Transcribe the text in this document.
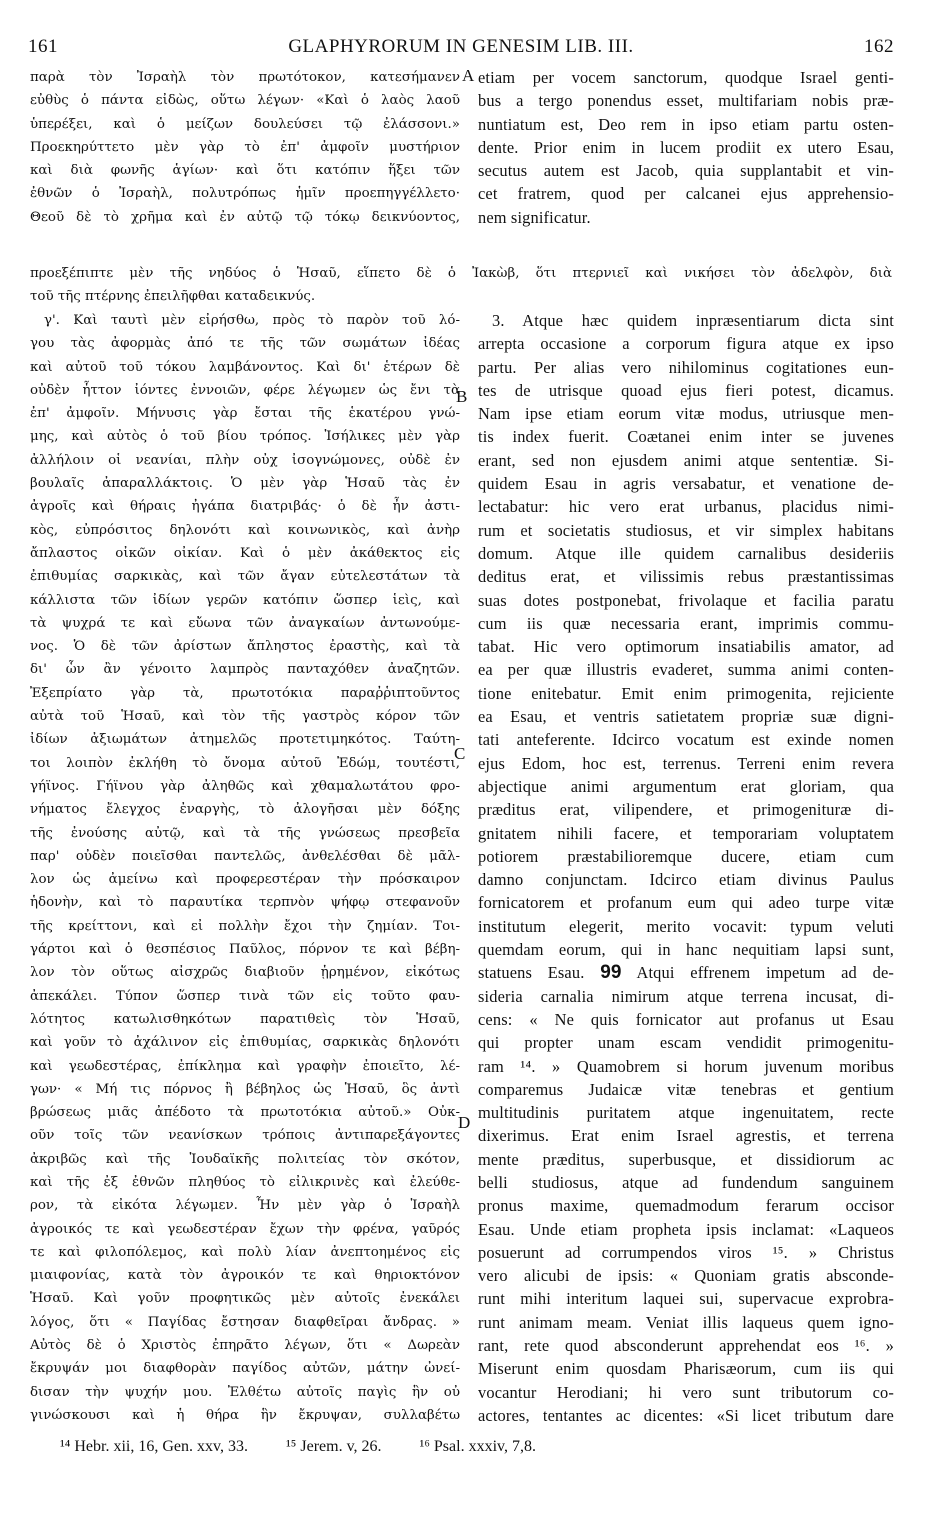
161	GLAPHYRORUM IN GENESIM LIB. III.	162
παρὰ τὸν Ἰσραὴλ τὸν πρωτότοκον, κατεσήμανεν
εὐθὺς ὁ πάντα εἰδὼς, οὕτω λέγων· «Καὶ ὁ λαὸς λαοῦ
ὑπερέξει, καὶ ὁ μείζων δουλεύσει τῷ ἐλάσσονι.»
Προεκηρύττετο μὲν γὰρ τὸ ἐπ' ἀμφοῖν μυστήριον
καὶ διὰ φωνῆς ἁγίων· καὶ ὅτι κατόπιν ἥξει τῶν
ἐθνῶν ὁ Ἰσραὴλ, πολυτρόπως ἡμῖν προεπηγγέλλετο·
Θεοῦ δὲ τὸ χρῆμα καὶ ἐν αὐτῷ τῷ τόκῳ δεικνύοντος,
etiam per vocem sanctorum, quodque Israel genti-
bus a tergo ponendus esset, multifariam nobis præ-
nuntiatum est, Deo rem in ipso etiam partu osten-
dente. Prior enim in lucem prodiit ex utero Esau,
secutus autem est Jacob, quia supplantabit et vin-
cet fratrem, quod per calcanei ejus apprehensio-
nem significatur.
προεξέπιπτε μὲν τῆς νηδύος ὁ Ἡσαῦ, εἵπετο δὲ ὁ Ἰακὼβ, ὅτι πτερνιεῖ καὶ νικήσει τὸν ἀδελφὸν, διὰ
τοῦ τῆς πτέρνης ἐπειλῆφθαι καταδεικνύς.
γ'. Καὶ ταυτὶ μὲν εἰρήσθω, πρὸς τὸ παρὸν τοῦ λό-
γου τὰς ἀφορμὰς ἀπό τε τῆς τῶν σωμάτων ἰδέας
καὶ αὐτοῦ τοῦ τόκου λαμβάνοντος. Καὶ δι' ἑτέρων δὲ
οὐδὲν ἧττον ἰόντες ἐννοιῶν, φέρε λέγωμεν ὡς ἔνι τὰ
ἐπ' ἀμφοῖν. Μήνυσις γὰρ ἔσται τῆς ἑκατέρου γνώ-
μης, καὶ αὐτὸς ὁ τοῦ βίου τρόπος. Ἰσήλικες μὲν γὰρ
ἀλλήλοιν οἱ νεανίαι, πλὴν οὐχ ἰσογνώμονες, οὐδὲ ἐν
βουλαῖς ἀπαραλλάκτοις. Ὁ μὲν γὰρ Ἡσαῦ τὰς ἐν
ἀγροῖς καὶ θήραις ἠγάπα διατριβάς· ὁ δὲ ἦν ἀστι-
κὸς, εὐπρόσιτος δηλονότι καὶ κοινωνικὸς, καὶ ἀνὴρ
ἄπλαστος οἰκῶν οἰκίαν. Καὶ ὁ μὲν ἀκάθεκτος εἰς
ἐπιθυμίας σαρκικὰς, καὶ τῶν ἄγαν εὐτελεστάτων τὰ
κάλλιστα τῶν ἰδίων γερῶν κατόπιν ὥσπερ ἱεὶς, καὶ
τὰ ψυχρά τε καὶ εὔωνα τῶν ἀναγκαίων ἀντωνούμε-
νος. Ὁ δὲ τῶν ἀρίστων ἄπληστος ἐραστὴς, καὶ τὰ
δι' ὧν ἂν γένοιτο λαμπρὸς πανταχόθεν ἀναζητῶν.
Ἐξεπρίατο γὰρ τὰ, πρωτοτόκια παραῤῥιπτοῦντος
αὐτὰ τοῦ Ἡσαῦ, καὶ τὸν τῆς γαστρὸς κόρον τῶν
ἰδίων ἀξιωμάτων ἀτημελῶς προτετιμηκότος. Ταύτη-
τοι λοιπὸν ἐκλήθη τὸ ὄνομα αὐτοῦ Ἐδώμ, τουτέστι,
γήϊνος. Γήϊνου γὰρ ἀληθῶς καὶ χθαμαλωτάτου φρο-
νήματος ἔλεγχος ἐναργὴς, τὸ ἀλογῆσαι μὲν δόξης
τῆς ἐνούσης αὐτῷ, καὶ τὰ τῆς γνώσεως πρεσβεῖα
παρ' οὐδὲν ποιεῖσθαι παντελῶς, ἀνθελέσθαι δὲ μᾶλ-
λον ὡς ἀμείνω καὶ προφερεστέραν τὴν πρόσκαιρον
ἡδονὴν, καὶ τὸ παραυτίκα τερπνὸν ψήφῳ στεφανοῦν
τῆς κρείττονι, καὶ εἰ πολλὴν ἔχοι τὴν ζημίαν. Τοι-
γάρτοι καὶ ὁ θεσπέσιος Παῦλος, πόρνον τε καὶ βέβη-
λον τὸν οὕτως αἰσχρῶς διαβιοῦν ᾑρημένον, εἰκότως
ἀπεκάλει. Τύπον ὥσπερ τινὰ τῶν εἰς τοῦτο φαυ-
λότητος κατωλισθηκότων παρατιθεὶς τὸν Ἡσαῦ,
καὶ γοῦν τὸ ἀχάλινον εἰς ἐπιθυμίας, σαρκικὰς δηλονότι
καὶ γεωδεστέρας, ἐπίκλημα καὶ γραφὴν ἐποιεῖτο, λέ-
γων· « Μή τις πόρνος ἢ βέβηλος ὡς Ἡσαῦ, ὃς ἀντὶ
βρώσεως μιᾶς ἀπέδοτο τὰ πρωτοτόκια αὐτοῦ.» Οὐκ-
οῦν τοῖς τῶν νεανίσκων τρόποις ἀντιπαρεξάγοντες
ἀκριβῶς καὶ τῆς Ἰουδαϊκῆς πολιτείας τὸν σκότον,
καὶ τῆς ἐξ ἐθνῶν πληθύος τὸ εἰλικρινὲς καὶ ἐλεύθε-
ρον, τὰ εἰκότα λέγωμεν. Ἦν μὲν γὰρ ὁ Ἰσραὴλ
ἀγροικός τε καὶ γεωδεστέραν ἔχων τὴν φρένα, γαῦρός
τε καὶ φιλοπόλεμος, καὶ πολὺ λίαν ἀνεπτοημένος εἰς
μιαιφονίας, κατὰ τὸν ἀγροικόν τε καὶ θηριοκτόνον
Ἡσαῦ. Καὶ γοῦν προφητικῶς μὲν αὐτοῖς ἐνεκάλει
λόγος, ὅτι « Παγίδας ἔστησαν διαφθεῖραι ἄνδρας. »
Αὐτὸς δὲ ὁ Χριστὸς ἐπηρᾶτο λέγων, ὅτι « Δωρεὰν
ἔκρυψάν μοι διαφθορὰν παγίδος αὐτῶν, μάτην ὠνεί-
δισαν τὴν ψυχήν μου. Ἐλθέτω αὐτοῖς παγὶς ἣν οὐ
γινώσκουσι καὶ ἡ θήρα ἣν ἔκρυψαν, συλλαβέτω
3. Atque hæc quidem inpræsentiarum dicta sint
arrepta occasione a corporum figura atque ex ipso
partu. Per alias vero nihilominus cogitationes eun-
tes de utrisque quoad ejus fieri potest, dicamus.
Nam ipse etiam eorum vitæ modus, utriusque men-
tis index fuerit. Coætanei enim inter se juvenes
erant, sed non ejusdem animi atque sententiæ. Si-
quidem Esau in agris versabatur, et venatione de-
lectabatur: hic vero erat urbanus, placidus nimi-
rum et societatis studiosus, et vir simplex habitans
domum. Atque ille quidem carnalibus desideriis
deditus erat, et vilissimis rebus præstantissimas
suas dotes postponebat, frivolaque et facilia paratu
cum iis quæ necessaria erant, imprimis commu-
tabat. Hic vero optimorum insatiabilis amator, ad
ea per quæ illustris evaderet, summa animi conten-
tione enitebatur. Emit enim primogenita, rejiciente
ea Esau, et ventris satietatem propriæ suæ digni-
tati anteferente. Idcirco vocatum est exinde nomen
ejus Edom, hoc est, terrenus. Terreni enim revera
abjectique animi argumentum erat gloriam, qua
præditus erat, vilipendere, et primogenituræ di-
gnitatem nihili facere, et temporariam voluptatem
potiorem præstabilioremque ducere, etiam cum
damno conjunctam. Idcirco etiam divinus Paulus
fornicatorem et profanum eum qui adeo turpe vitæ
institutum elegerit, merito vocavit: typum veluti
quemdam eorum, qui in hanc nequitiam lapsi sunt,
statuens Esau. 99 Atqui effrenem impetum ad de-
sideria carnalia nimirum atque terrena incusat, di-
cens: « Ne quis fornicator aut profanus ut Esau
qui propter unam escam vendidit primogenitu-
ram ¹⁴. » Quamobrem si horum juvenum moribus
comparemus Judaicæ vitæ tenebras et gentium
multitudinis puritatem atque ingenuitatem, recte
dixerimus. Erat enim Israel agrestis, et terrena
mente præditus, superbusque, et dissidiorum ac
belli studiosus, atque ad fundendum sanguinem
pronus maxime, quemadmodum ferarum occisor
Esau. Unde etiam propheta ipsis inclamat: «Laqueos
posuerunt ad corrumpendos viros ¹⁵. » Christus
vero alicubi de ipsis: « Quoniam gratis abscondе-
runt mihi interitum laquei sui, supervacue exprobra-
runt animam meam. Veniat illis laqueus quem igno-
rant, rete quod absconderunt apprehendat eos ¹⁶. »
Miserunt enim quosdam Pharisæorum, cum iis qui
vocantur Herodiani; hi vero sunt tributorum co-
actores, tentantes ac dicentes: «Si licet tributum dare
A
B
C
D
¹⁴ Hebr. xii, 16, Gen. xxv, 33. ¹⁵ Jerem. v, 26. ¹⁶ Psal. xxxiv, 7,8.
